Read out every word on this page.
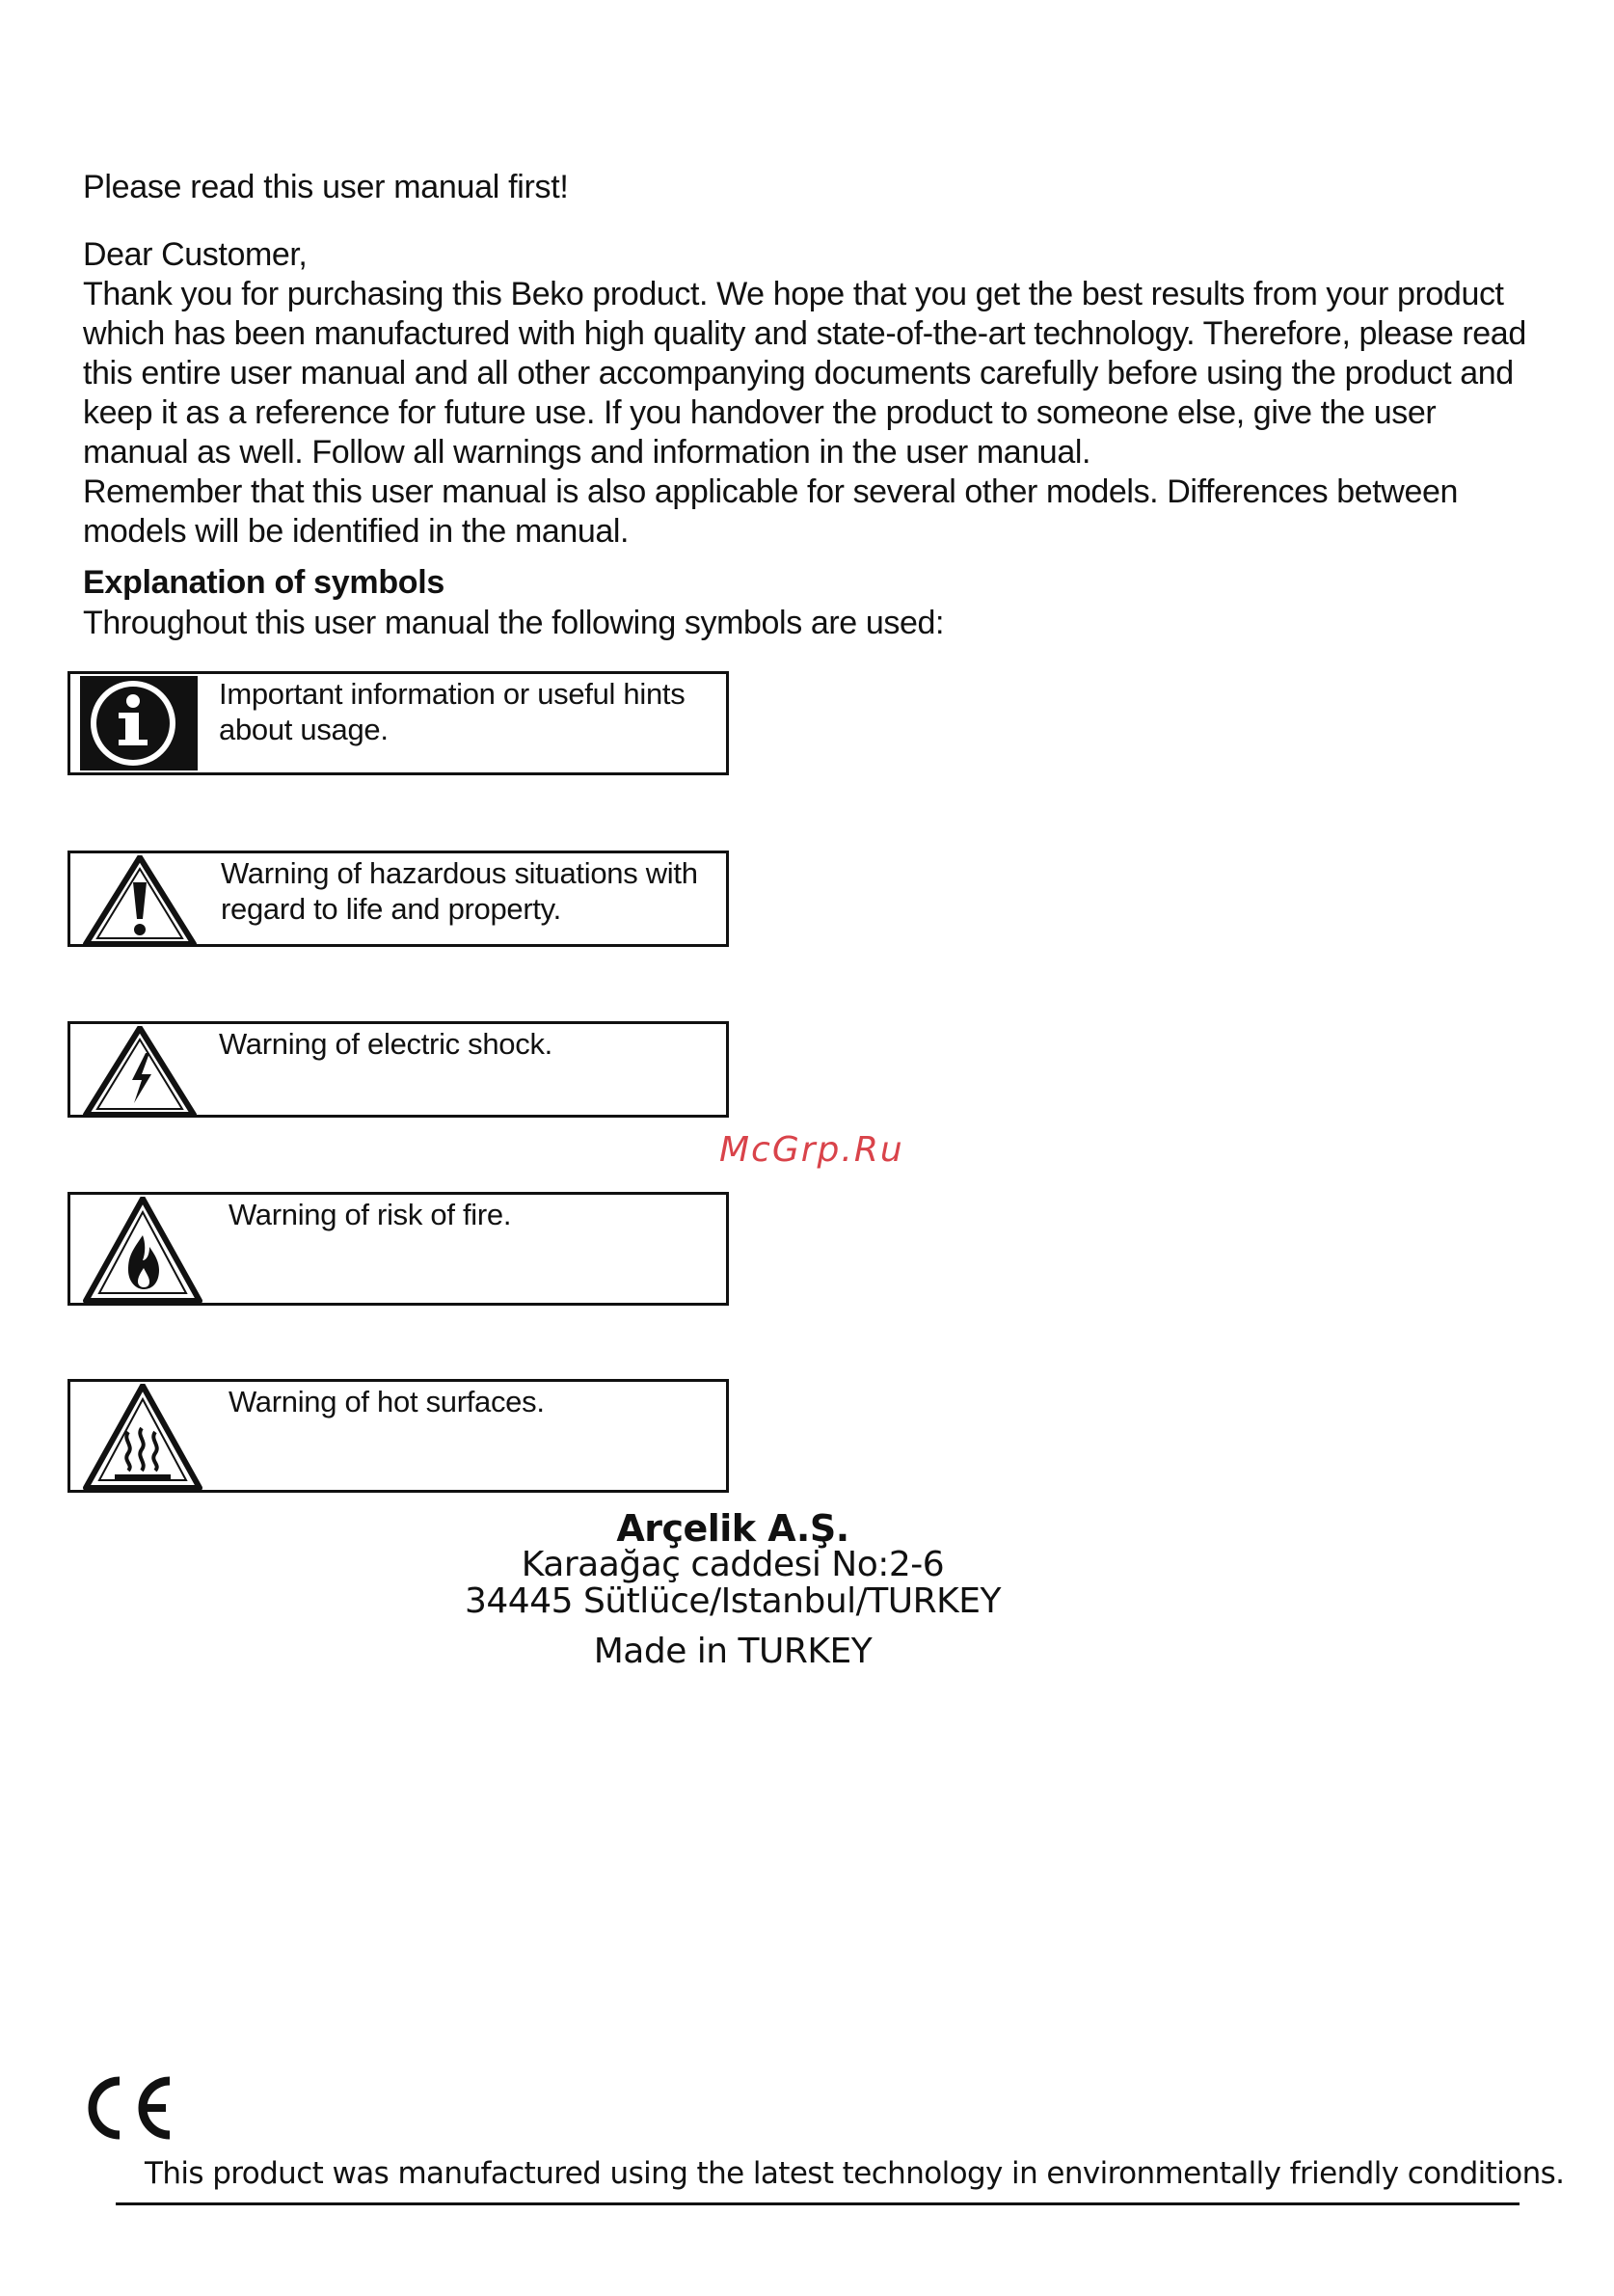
Please read this user manual first!

Dear Customer,

Thank you for purchasing this Beko product. We hope that you get the best results from your product which has been manufactured with high quality and state-of-the-art technology. Therefore, please read this entire user manual and all other accompanying documents carefully before using the product and keep it as a reference for future use. If you handover the product to someone else, give the user manual as well. Follow all warnings and information in the user manual.

Remember that this user manual is also applicable for several other models. Differences between models will be identified in the manual.

Explanation of symbols
Throughout this user manual the following symbols are used:
Important information or useful hints about usage.
Warning of hazardous situations with regard to life and property.
Warning of electric shock.
Warning of risk of fire.
Warning of hot surfaces.
McGrp.Ru
Arçelik A.Ş.
Karaağaç caddesi No:2-6
34445 Sütlüce/Istanbul/TURKEY
Made in TURKEY
This product was manufactured using the latest technology in environmentally friendly conditions.
